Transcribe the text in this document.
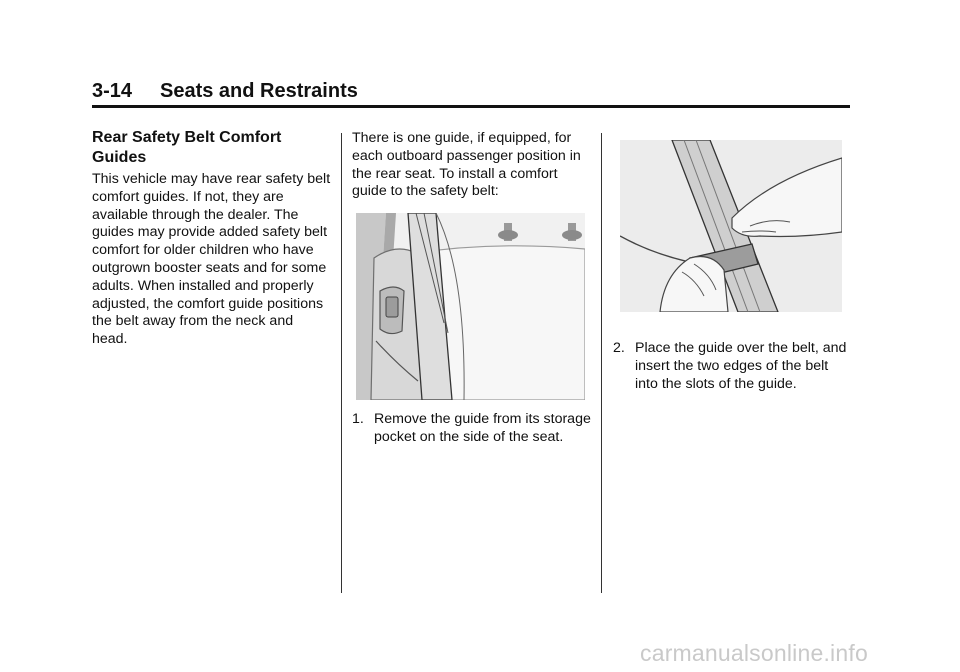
3-14 Seats and Restraints
Rear Safety Belt Comfort Guides
This vehicle may have rear safety belt comfort guides. If not, they are available through the dealer. The guides may provide added safety belt comfort for older children who have outgrown booster seats and for some adults. When installed and properly adjusted, the comfort guide positions the belt away from the neck and head.
There is one guide, if equipped, for each outboard passenger position in the rear seat. To install a comfort guide to the safety belt:
1. Remove the guide from its storage pocket on the side of the seat.
2. Place the guide over the belt, and insert the two edges of the belt into the slots of the guide.
carmanualsonline.info
